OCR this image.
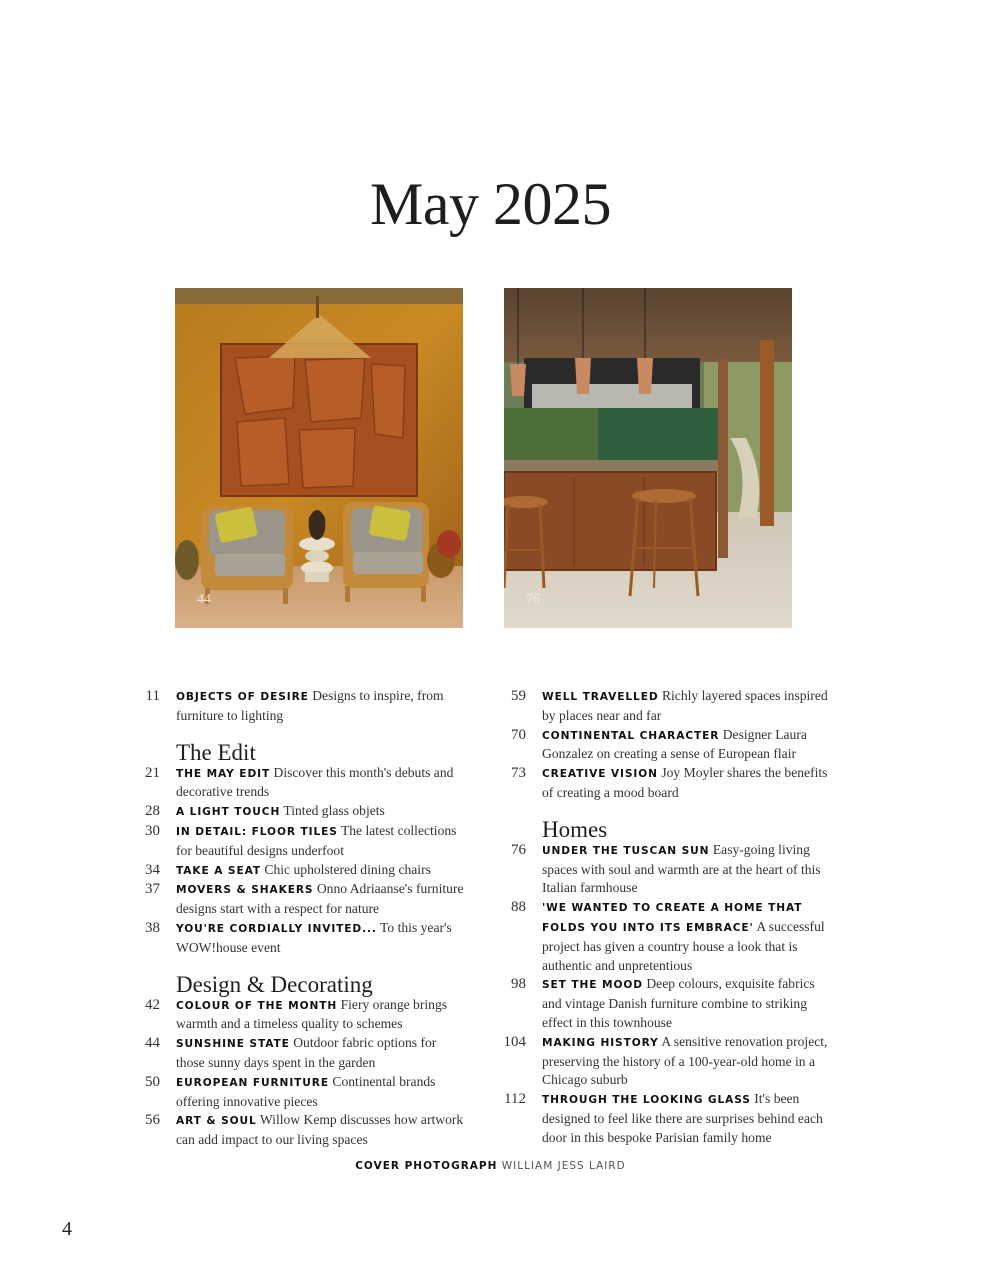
May 2025
44	76
11 OBJECTS OF DESIRE Designs to inspire, from furniture to lighting
The Edit
21 THE MAY EDIT Discover this month's debuts and decorative trends
28 A LIGHT TOUCH Tinted glass objets
30 IN DETAIL: FLOOR TILES The latest collections for beautiful designs underfoot
34 TAKE A SEAT Chic upholstered dining chairs
37 MOVERS & SHAKERS Onno Adriaanse's furniture designs start with a respect for nature
38 YOU'RE CORDIALLY INVITED... To this year's WOW!house event
Design & Decorating
42 COLOUR OF THE MONTH Fiery orange brings warmth and a timeless quality to schemes
44 SUNSHINE STATE Outdoor fabric options for those sunny days spent in the garden
50 EUROPEAN FURNITURE Continental brands offering innovative pieces
56 ART & SOUL Willow Kemp discusses how artwork can add impact to our living spaces
59 WELL TRAVELLED Richly layered spaces inspired by places near and far
70 CONTINENTAL CHARACTER Designer Laura Gonzalez on creating a sense of European flair
73 CREATIVE VISION Joy Moyler shares the benefits of creating a mood board
Homes
76 UNDER THE TUSCAN SUN Easy-going living spaces with soul and warmth are at the heart of this Italian farmhouse
88 'WE WANTED TO CREATE A HOME THAT FOLDS YOU INTO ITS EMBRACE' A successful project has given a country house a look that is authentic and unpretentious
98 SET THE MOOD Deep colours, exquisite fabrics and vintage Danish furniture combine to striking effect in this townhouse
104 MAKING HISTORY A sensitive renovation project, preserving the history of a 100-year-old home in a Chicago suburb
112 THROUGH THE LOOKING GLASS It's been designed to feel like there are surprises behind each door in this bespoke Parisian family home
COVER PHOTOGRAPH WILLIAM JESS LAIRD
4
